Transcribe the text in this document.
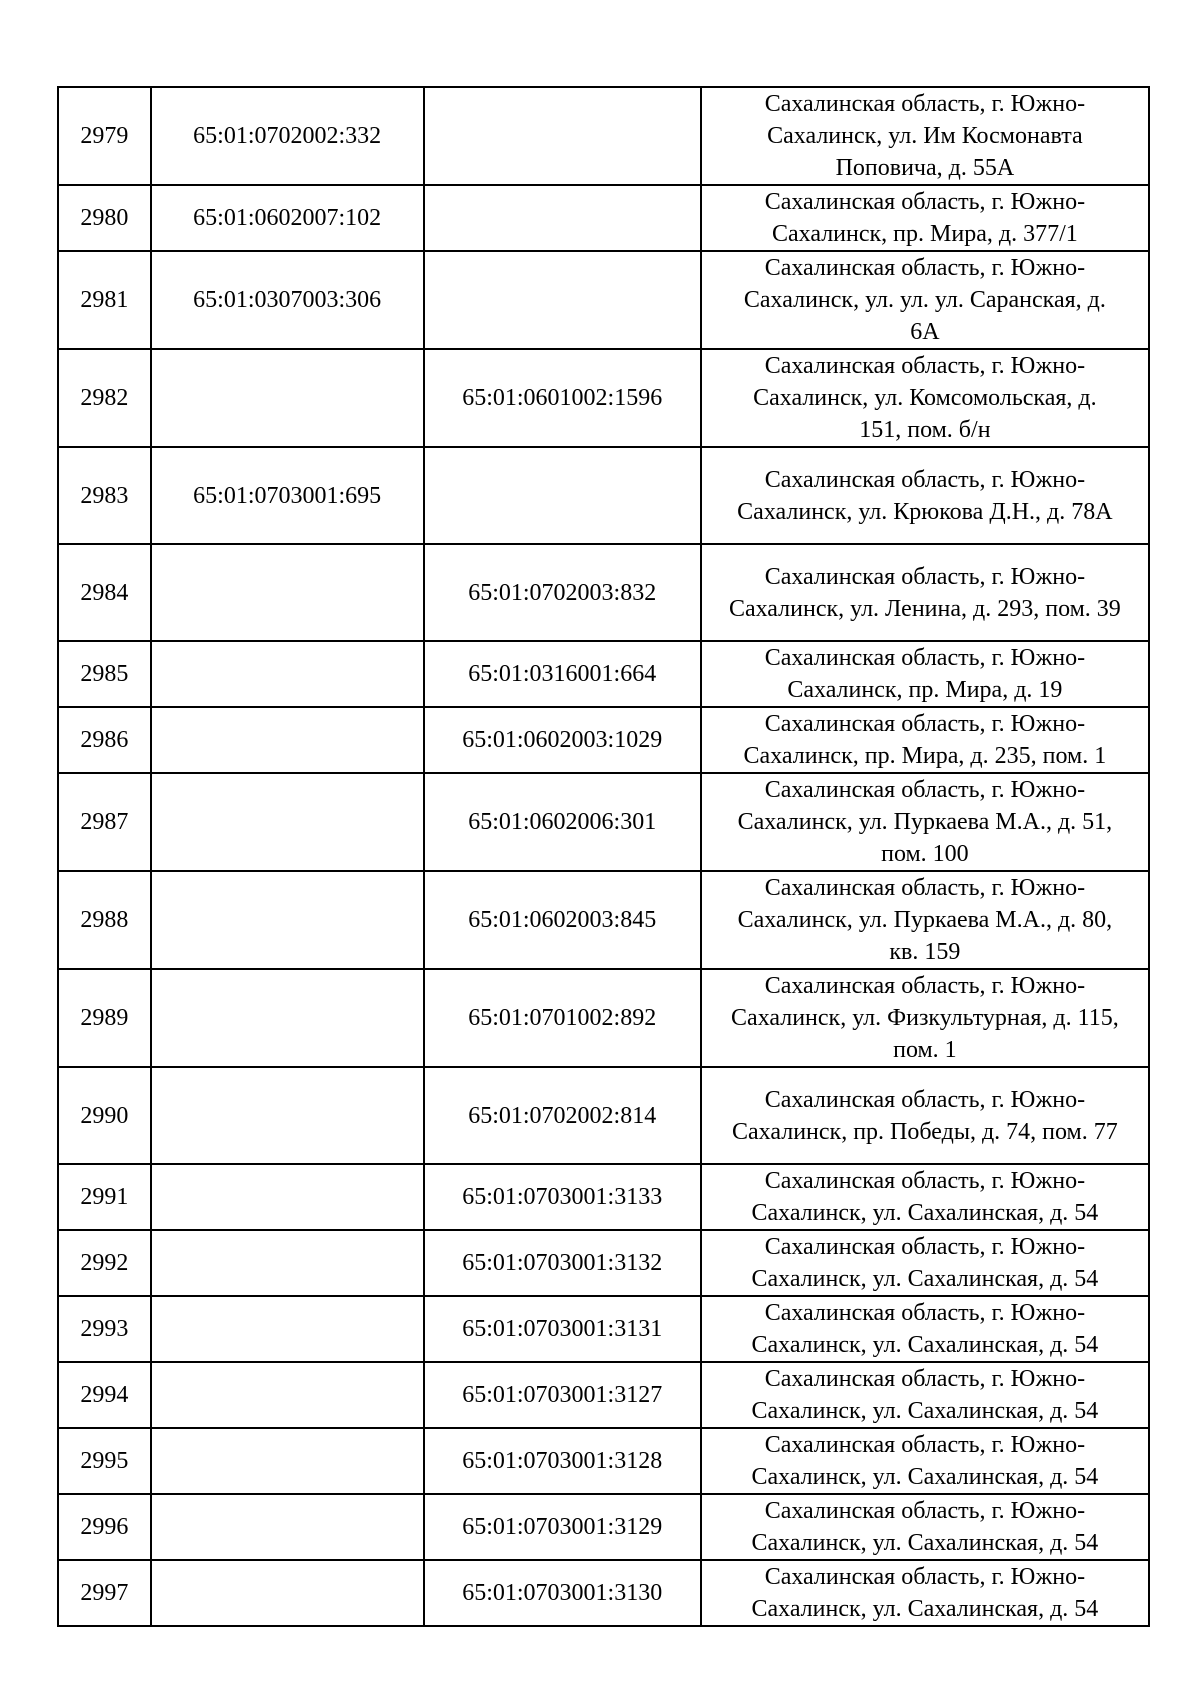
2979	65:01:0702002:332		Сахалинская область, г. Южно-
Сахалинск, ул. Им Космонавта
Поповича, д. 55А

2980	65:01:0602007:102		Сахалинская область, г. Южно-
Сахалинск, пр. Мира, д. 377/1

2981	65:01:0307003:306		Сахалинская область, г. Южно-
Сахалинск, ул. ул. ул. Саранская, д.
6А

2982		65:01:0601002:1596	Сахалинская область, г. Южно-
Сахалинск, ул. Комсомольская, д.
151, пом. б/н

2983	65:01:0703001:695		Сахалинская область, г. Южно-
Сахалинск, ул. Крюкова Д.Н., д. 78А

2984		65:01:0702003:832	Сахалинская область, г. Южно-
Сахалинск, ул. Ленина, д. 293, пом. 39

2985		65:01:0316001:664	Сахалинская область, г. Южно-
Сахалинск, пр. Мира, д. 19

2986		65:01:0602003:1029	Сахалинская область, г. Южно-
Сахалинск, пр. Мира, д. 235, пом. 1

2987		65:01:0602006:301	Сахалинская область, г. Южно-
Сахалинск, ул. Пуркаева М.А., д. 51,
пом. 100

2988		65:01:0602003:845	Сахалинская область, г. Южно-
Сахалинск, ул. Пуркаева М.А., д. 80,
кв. 159

2989		65:01:0701002:892	Сахалинская область, г. Южно-
Сахалинск, ул. Физкультурная, д. 115,
пом. 1

2990		65:01:0702002:814	Сахалинская область, г. Южно-
Сахалинск, пр. Победы, д. 74, пом. 77

2991		65:01:0703001:3133	Сахалинская область, г. Южно-
Сахалинск, ул. Сахалинская, д. 54

2992		65:01:0703001:3132	Сахалинская область, г. Южно-
Сахалинск, ул. Сахалинская, д. 54

2993		65:01:0703001:3131	Сахалинская область, г. Южно-
Сахалинск, ул. Сахалинская, д. 54

2994		65:01:0703001:3127	Сахалинская область, г. Южно-
Сахалинск, ул. Сахалинская, д. 54

2995		65:01:0703001:3128	Сахалинская область, г. Южно-
Сахалинск, ул. Сахалинская, д. 54

2996		65:01:0703001:3129	Сахалинская область, г. Южно-
Сахалинск, ул. Сахалинская, д. 54

2997		65:01:0703001:3130	Сахалинская область, г. Южно-
Сахалинск, ул. Сахалинская, д. 54
